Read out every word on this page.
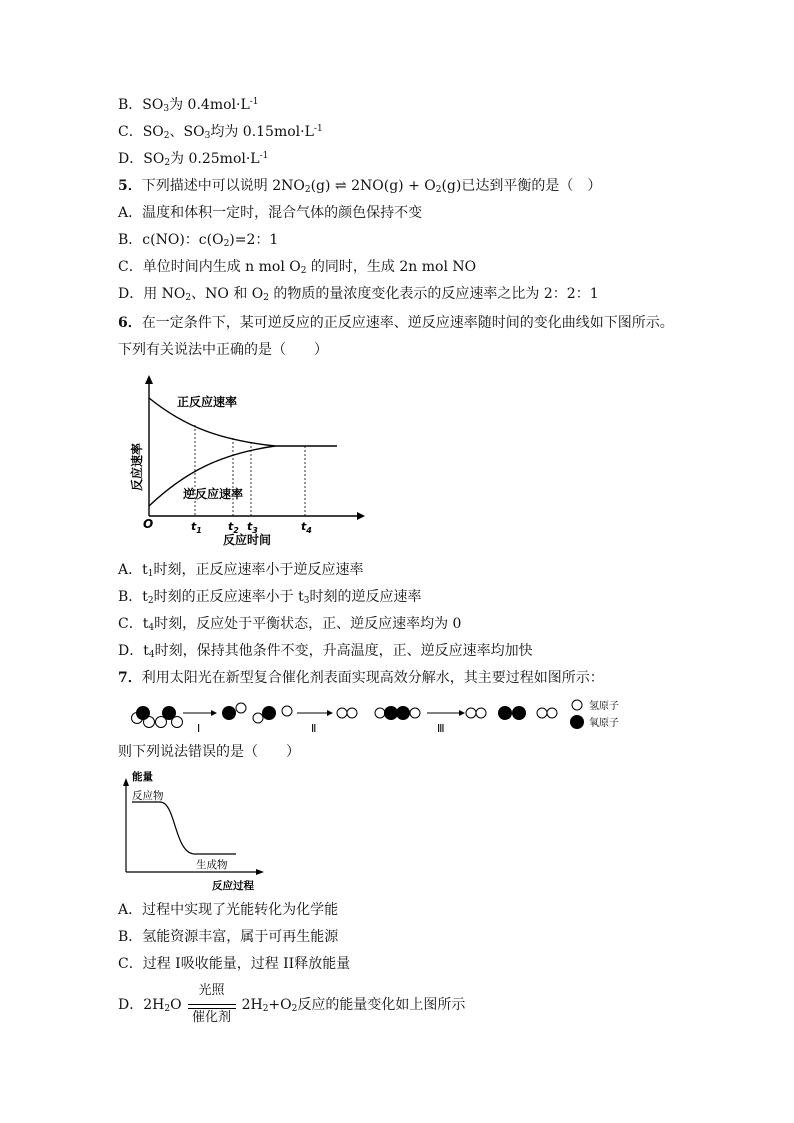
B．$SO_3$为 $0.4mol\cdot L^{-1}$
C．$SO_2$、$SO_3$均为 $0.15mol\cdot L^{-1}$
D．$SO_2$为 $0.25mol\cdot L^{-1}$
5．下列描述中可以说明 $2NO_2(g)$ ⇌ $2NO(g) + O_2(g)$已达到平衡的是（　）
A．温度和体积一定时，混合气体的颜色保持不变
B．c(NO)：$c(O_2)=2$：1
C．单位时间内生成 n mol $O_2$ 的同时，生成 2n mol NO
D．用 $NO_2$、NO 和 $O_2$ 的物质的量浓度变化表示的反应速率之比为 2：2：1
6．在一定条件下，某可逆反应的正反应速率、逆反应速率随时间的变化曲线如下图所示。
下列有关说法中正确的是（　　）
正反应速率
逆反应速率
反应速率
反应时间
O	$t_1$ $t_2$ $t_3$	$t_4$
A．$t_1$时刻，正反应速率小于逆反应速率
B．$t_2$时刻的正反应速率小于 $t_3$时刻的逆反应速率
C．$t_4$时刻，反应处于平衡状态，正、逆反应速率均为 0
D．$t_4$时刻，保持其他条件不变，升高温度，正、逆反应速率均加快
7．利用太阳光在新型复合催化剂表面实现高效分解水，其主要过程如图所示：
I	Ⅱ	Ⅲ
氢原子
氧原子
则下列说法错误的是（　　）
能量
反应物
生成物
反应过程
A．过程中实现了光能转化为化学能
B．氢能资源丰富，属于可再生能源
C．过程 I吸收能量，过程 II释放能量
D．$2H_2O$
光照
催化剂
$2H_2+O_2$反应的能量变化如上图所示
